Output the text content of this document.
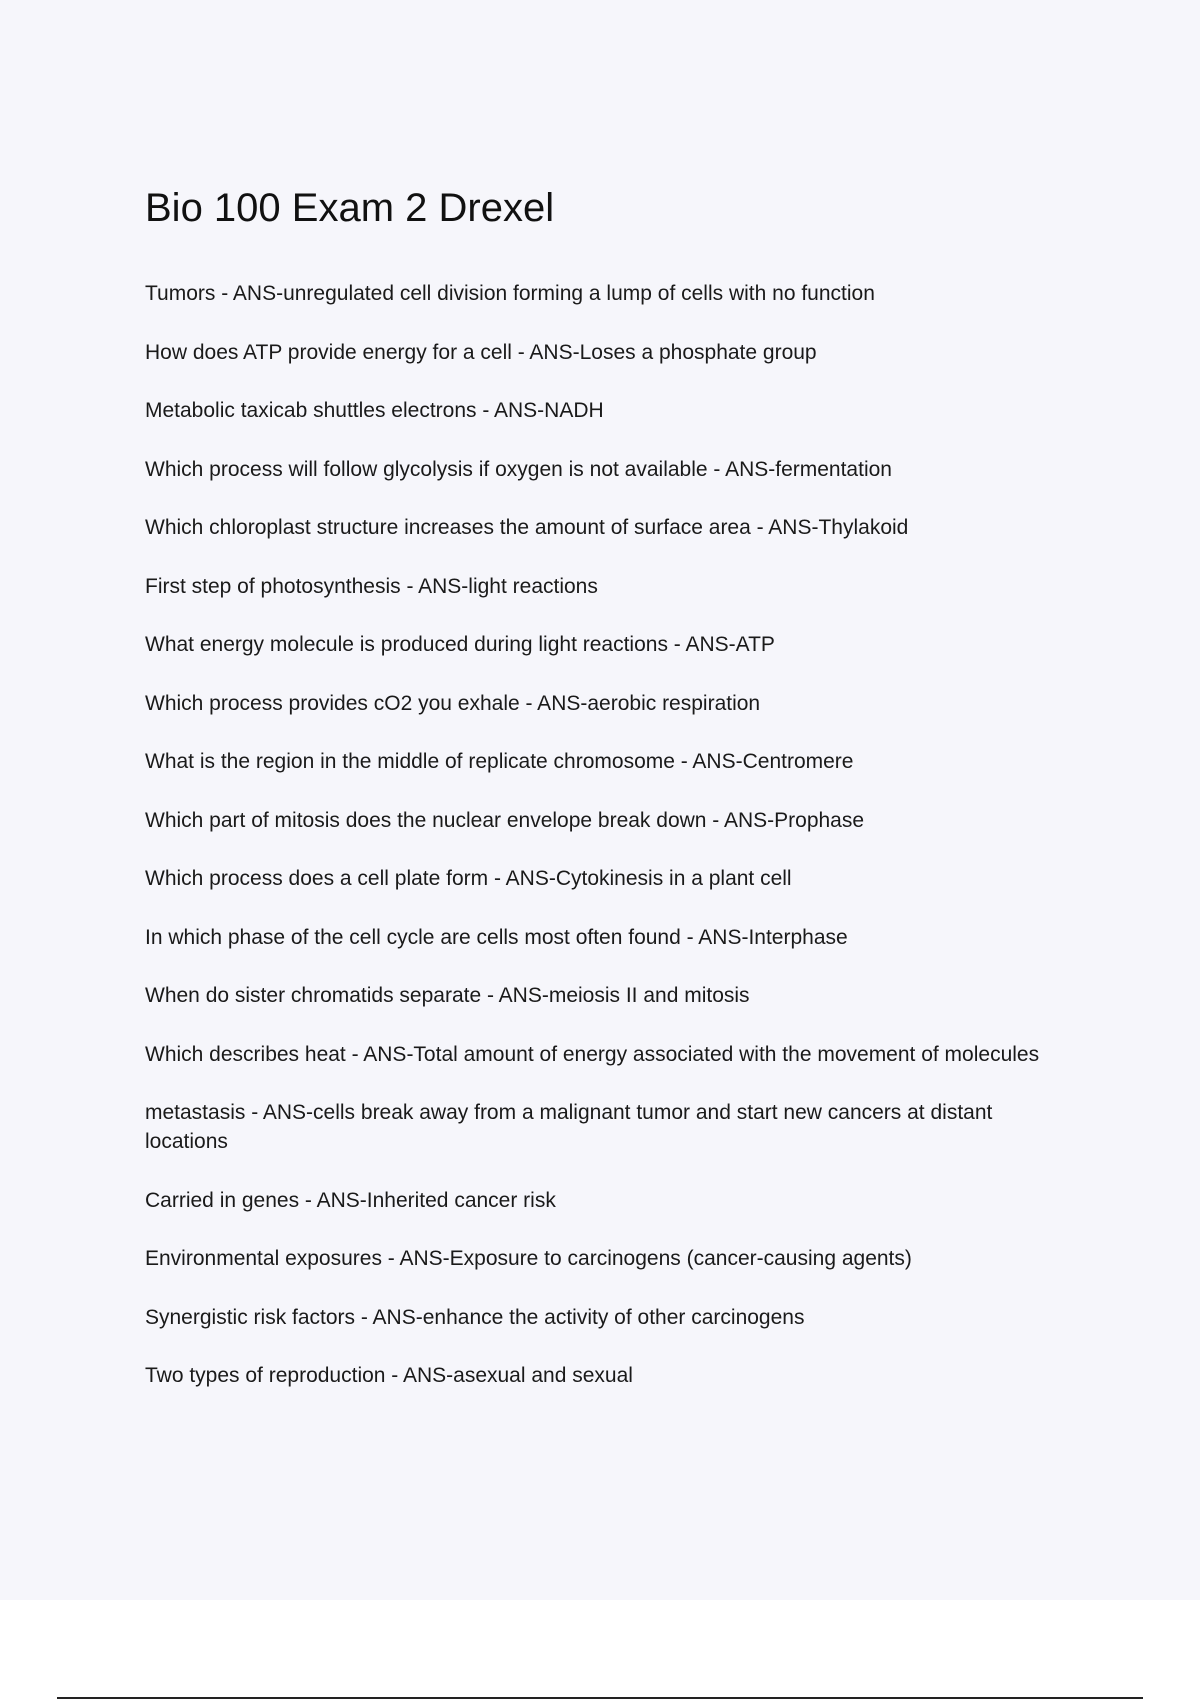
Bio 100 Exam 2 Drexel
Tumors - ANS-unregulated cell division forming a lump of cells with no function
How does ATP provide energy for a cell - ANS-Loses a phosphate group
Metabolic taxicab shuttles electrons - ANS-NADH
Which process will follow glycolysis if oxygen is not available - ANS-fermentation
Which chloroplast structure increases the amount of surface area - ANS-Thylakoid
First step of photosynthesis - ANS-light reactions
What energy molecule is produced during light reactions - ANS-ATP
Which process provides cO2 you exhale - ANS-aerobic respiration
What is the region in the middle of replicate chromosome - ANS-Centromere
Which part of mitosis does the nuclear envelope break down - ANS-Prophase
Which process does a cell plate form - ANS-Cytokinesis in a plant cell
In which phase of the cell cycle are cells most often found - ANS-Interphase
When do sister chromatids separate - ANS-meiosis II and mitosis
Which describes heat - ANS-Total amount of energy associated with the movement of molecules
metastasis - ANS-cells break away from a malignant tumor and start new cancers at distant locations
Carried in genes - ANS-Inherited cancer risk
Environmental exposures - ANS-Exposure to carcinogens (cancer-causing agents)
Synergistic risk factors - ANS-enhance the activity of other carcinogens
Two types of reproduction - ANS-asexual and sexual
